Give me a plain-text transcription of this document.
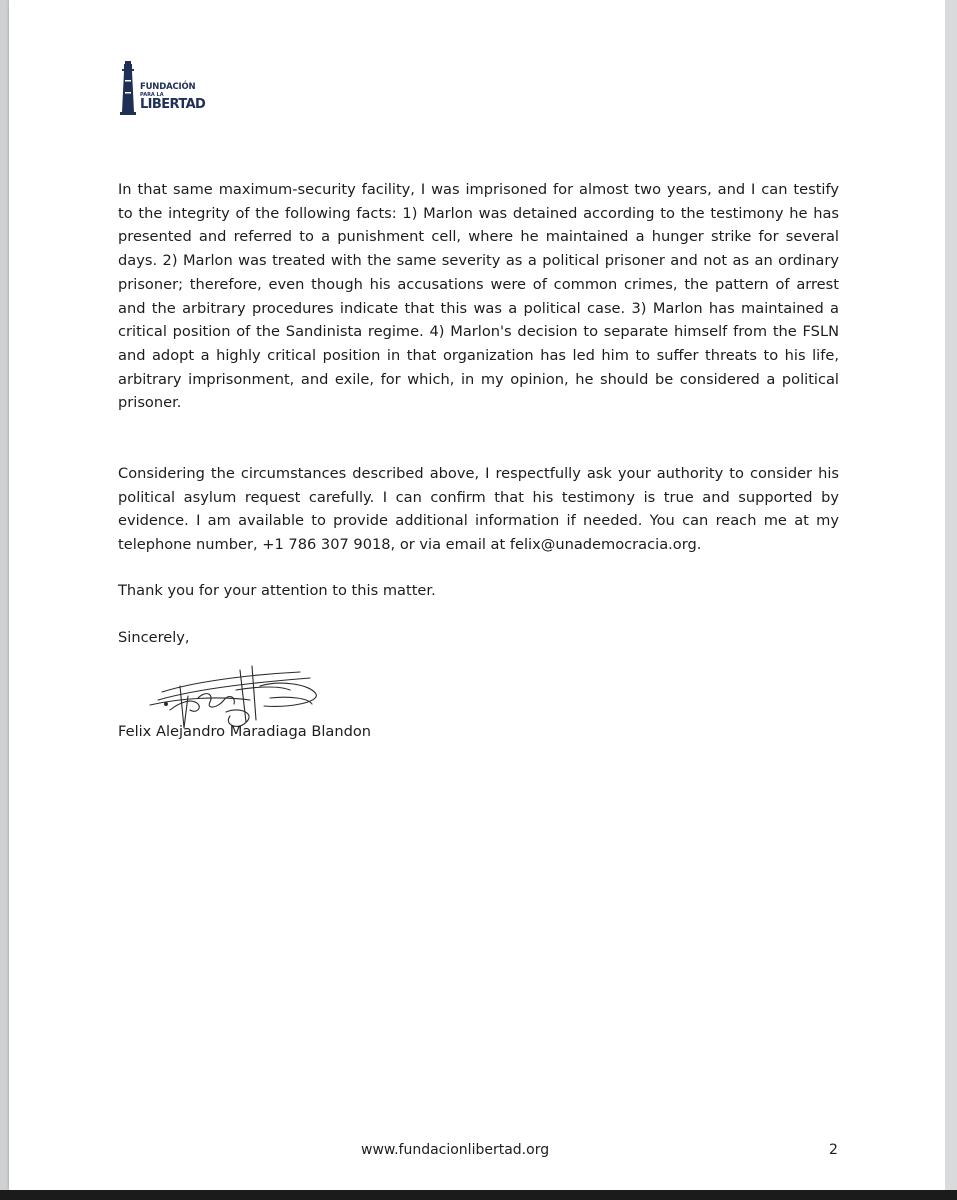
FUNDACIÓN
PARA LA
LIBERTAD

In that same maximum-security facility, I was imprisoned for almost two years, and I can testify to the integrity of the following facts: 1) Marlon was detained according to the testimony he has presented and referred to a punishment cell, where he maintained a hunger strike for several days. 2) Marlon was treated with the same severity as a political prisoner and not as an ordinary prisoner; therefore, even though his accusations were of common crimes, the pattern of arrest and the arbitrary procedures indicate that this was a political case. 3) Marlon has maintained a critical position of the Sandinista regime. 4) Marlon's decision to separate himself from the FSLN and adopt a highly critical position in that organization has led him to suffer threats to his life, arbitrary imprisonment, and exile, for which, in my opinion, he should be considered a political prisoner.

Considering the circumstances described above, I respectfully ask your authority to consider his political asylum request carefully. I can confirm that his testimony is true and supported by evidence. I am available to provide additional information if needed. You can reach me at my telephone number, +1 786 307 9018, or via email at felix@unademocracia.org.

Thank you for your attention to this matter.

Sincerely,

Felix Alejandro Maradiaga Blandon

www.fundacionlibertad.org	2
